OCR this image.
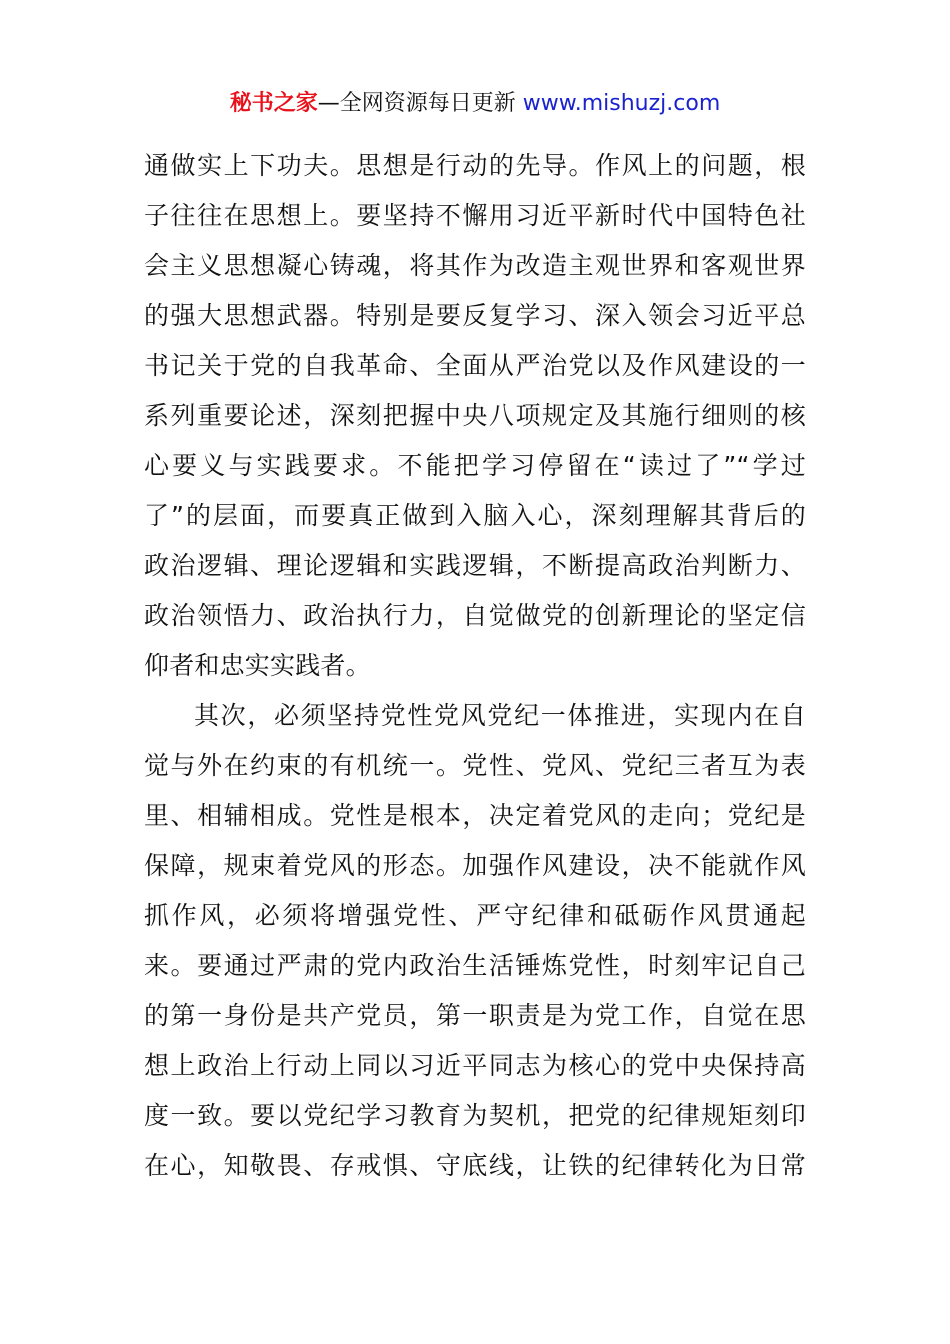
秘书之家—全网资源每日更新 www.mishuzj.com
通做实上下功夫。思想是行动的先导。作风上的问题，根
子往往在思想上。要坚持不懈用习近平新时代中国特色社
会主义思想凝心铸魂，将其作为改造主观世界和客观世界
的强大思想武器。特别是要反复学习、深入领会习近平总
书记关于党的自我革命、全面从严治党以及作风建设的一
系列重要论述，深刻把握中央八项规定及其施行细则的核
心要义与实践要求。不能把学习停留在“读过了”“学过
了”的层面，而要真正做到入脑入心，深刻理解其背后的
政治逻辑、理论逻辑和实践逻辑，不断提高政治判断力、
政治领悟力、政治执行力，自觉做党的创新理论的坚定信
仰者和忠实实践者。
其次，必须坚持党性党风党纪一体推进，实现内在自
觉与外在约束的有机统一。党性、党风、党纪三者互为表
里、相辅相成。党性是根本，决定着党风的走向；党纪是
保障，规束着党风的形态。加强作风建设，决不能就作风
抓作风，必须将增强党性、严守纪律和砥砺作风贯通起
来。要通过严肃的党内政治生活锤炼党性，时刻牢记自己
的第一身份是共产党员，第一职责是为党工作，自觉在思
想上政治上行动上同以习近平同志为核心的党中央保持高
度一致。要以党纪学习教育为契机，把党的纪律规矩刻印
在心，知敬畏、存戒惧、守底线，让铁的纪律转化为日常
